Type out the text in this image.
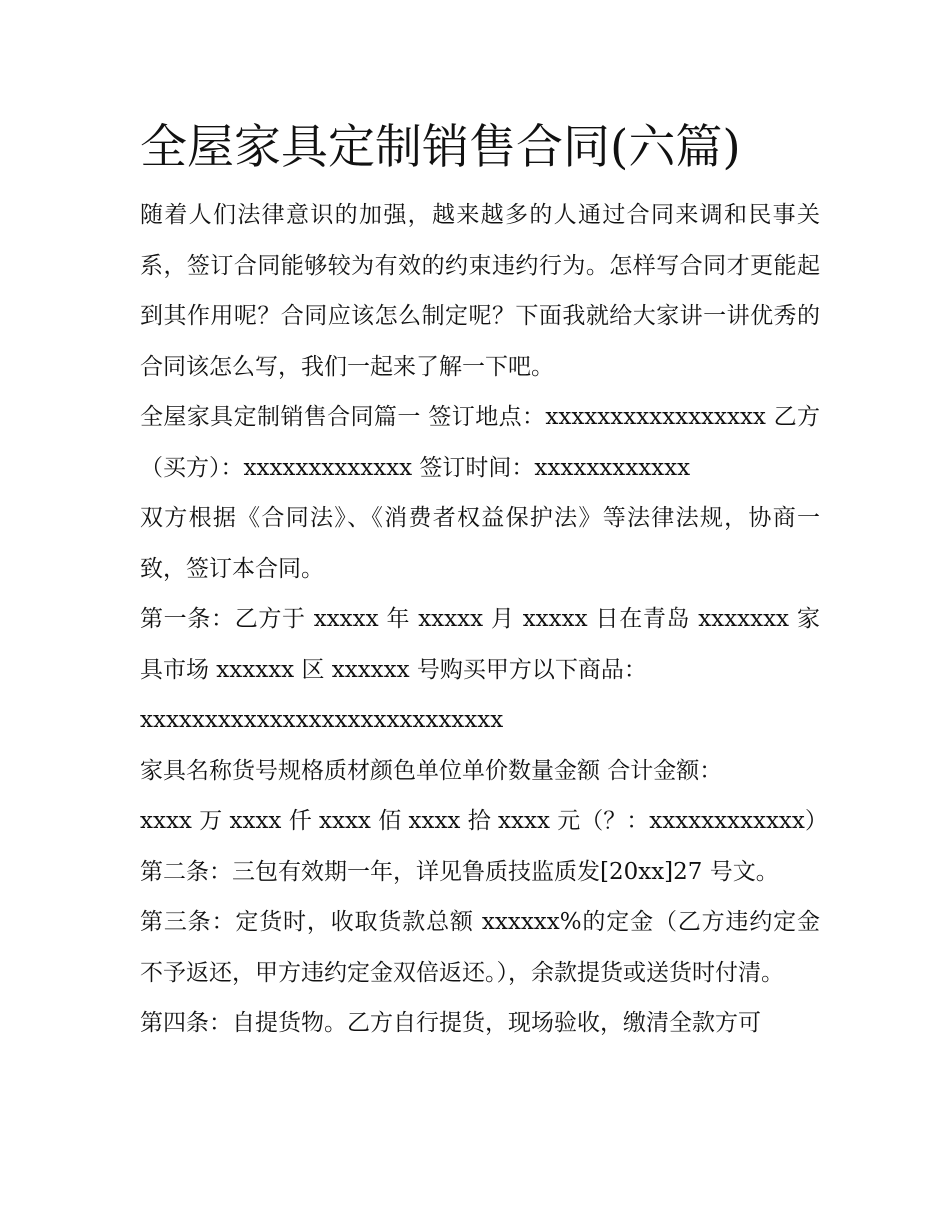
全屋家具定制销售合同(六篇)

随着人们法律意识的加强，越来越多的人通过合同来调和民事关系，签订合同能够较为有效的约束违约行为。怎样写合同才更能起到其作用呢？合同应该怎么制定呢？下面我就给大家讲一讲优秀的合同该怎么写，我们一起来了解一下吧。

全屋家具定制销售合同篇一 签订地点：xxxxxxxxxxxxxxxxx 乙方（买方）：xxxxxxxxxxxxx 签订时间：xxxxxxxxxxxx

双方根据《合同法》、《消费者权益保护法》等法律法规，协商一致，签订本合同。

第一条：乙方于 xxxxx 年 xxxxx 月 xxxxx 日在青岛 xxxxxxx 家具市场 xxxxxx 区 xxxxxx 号购买甲方以下商品：

xxxxxxxxxxxxxxxxxxxxxxxxxxxx

家具名称货号规格质材颜色单位单价数量金额 合计金额：

xxxx 万 xxxx 仟 xxxx 佰 xxxx 拾 xxxx 元（？：xxxxxxxxxxxx）

第二条：三包有效期一年，详见鲁质技监质发[20xx]27 号文。

第三条：定货时，收取货款总额 xxxxxx%的定金（乙方违约定金不予返还，甲方违约定金双倍返还。），余款提货或送货时付清。

第四条：自提货物。乙方自行提货，现场验收，缴清全款方可
